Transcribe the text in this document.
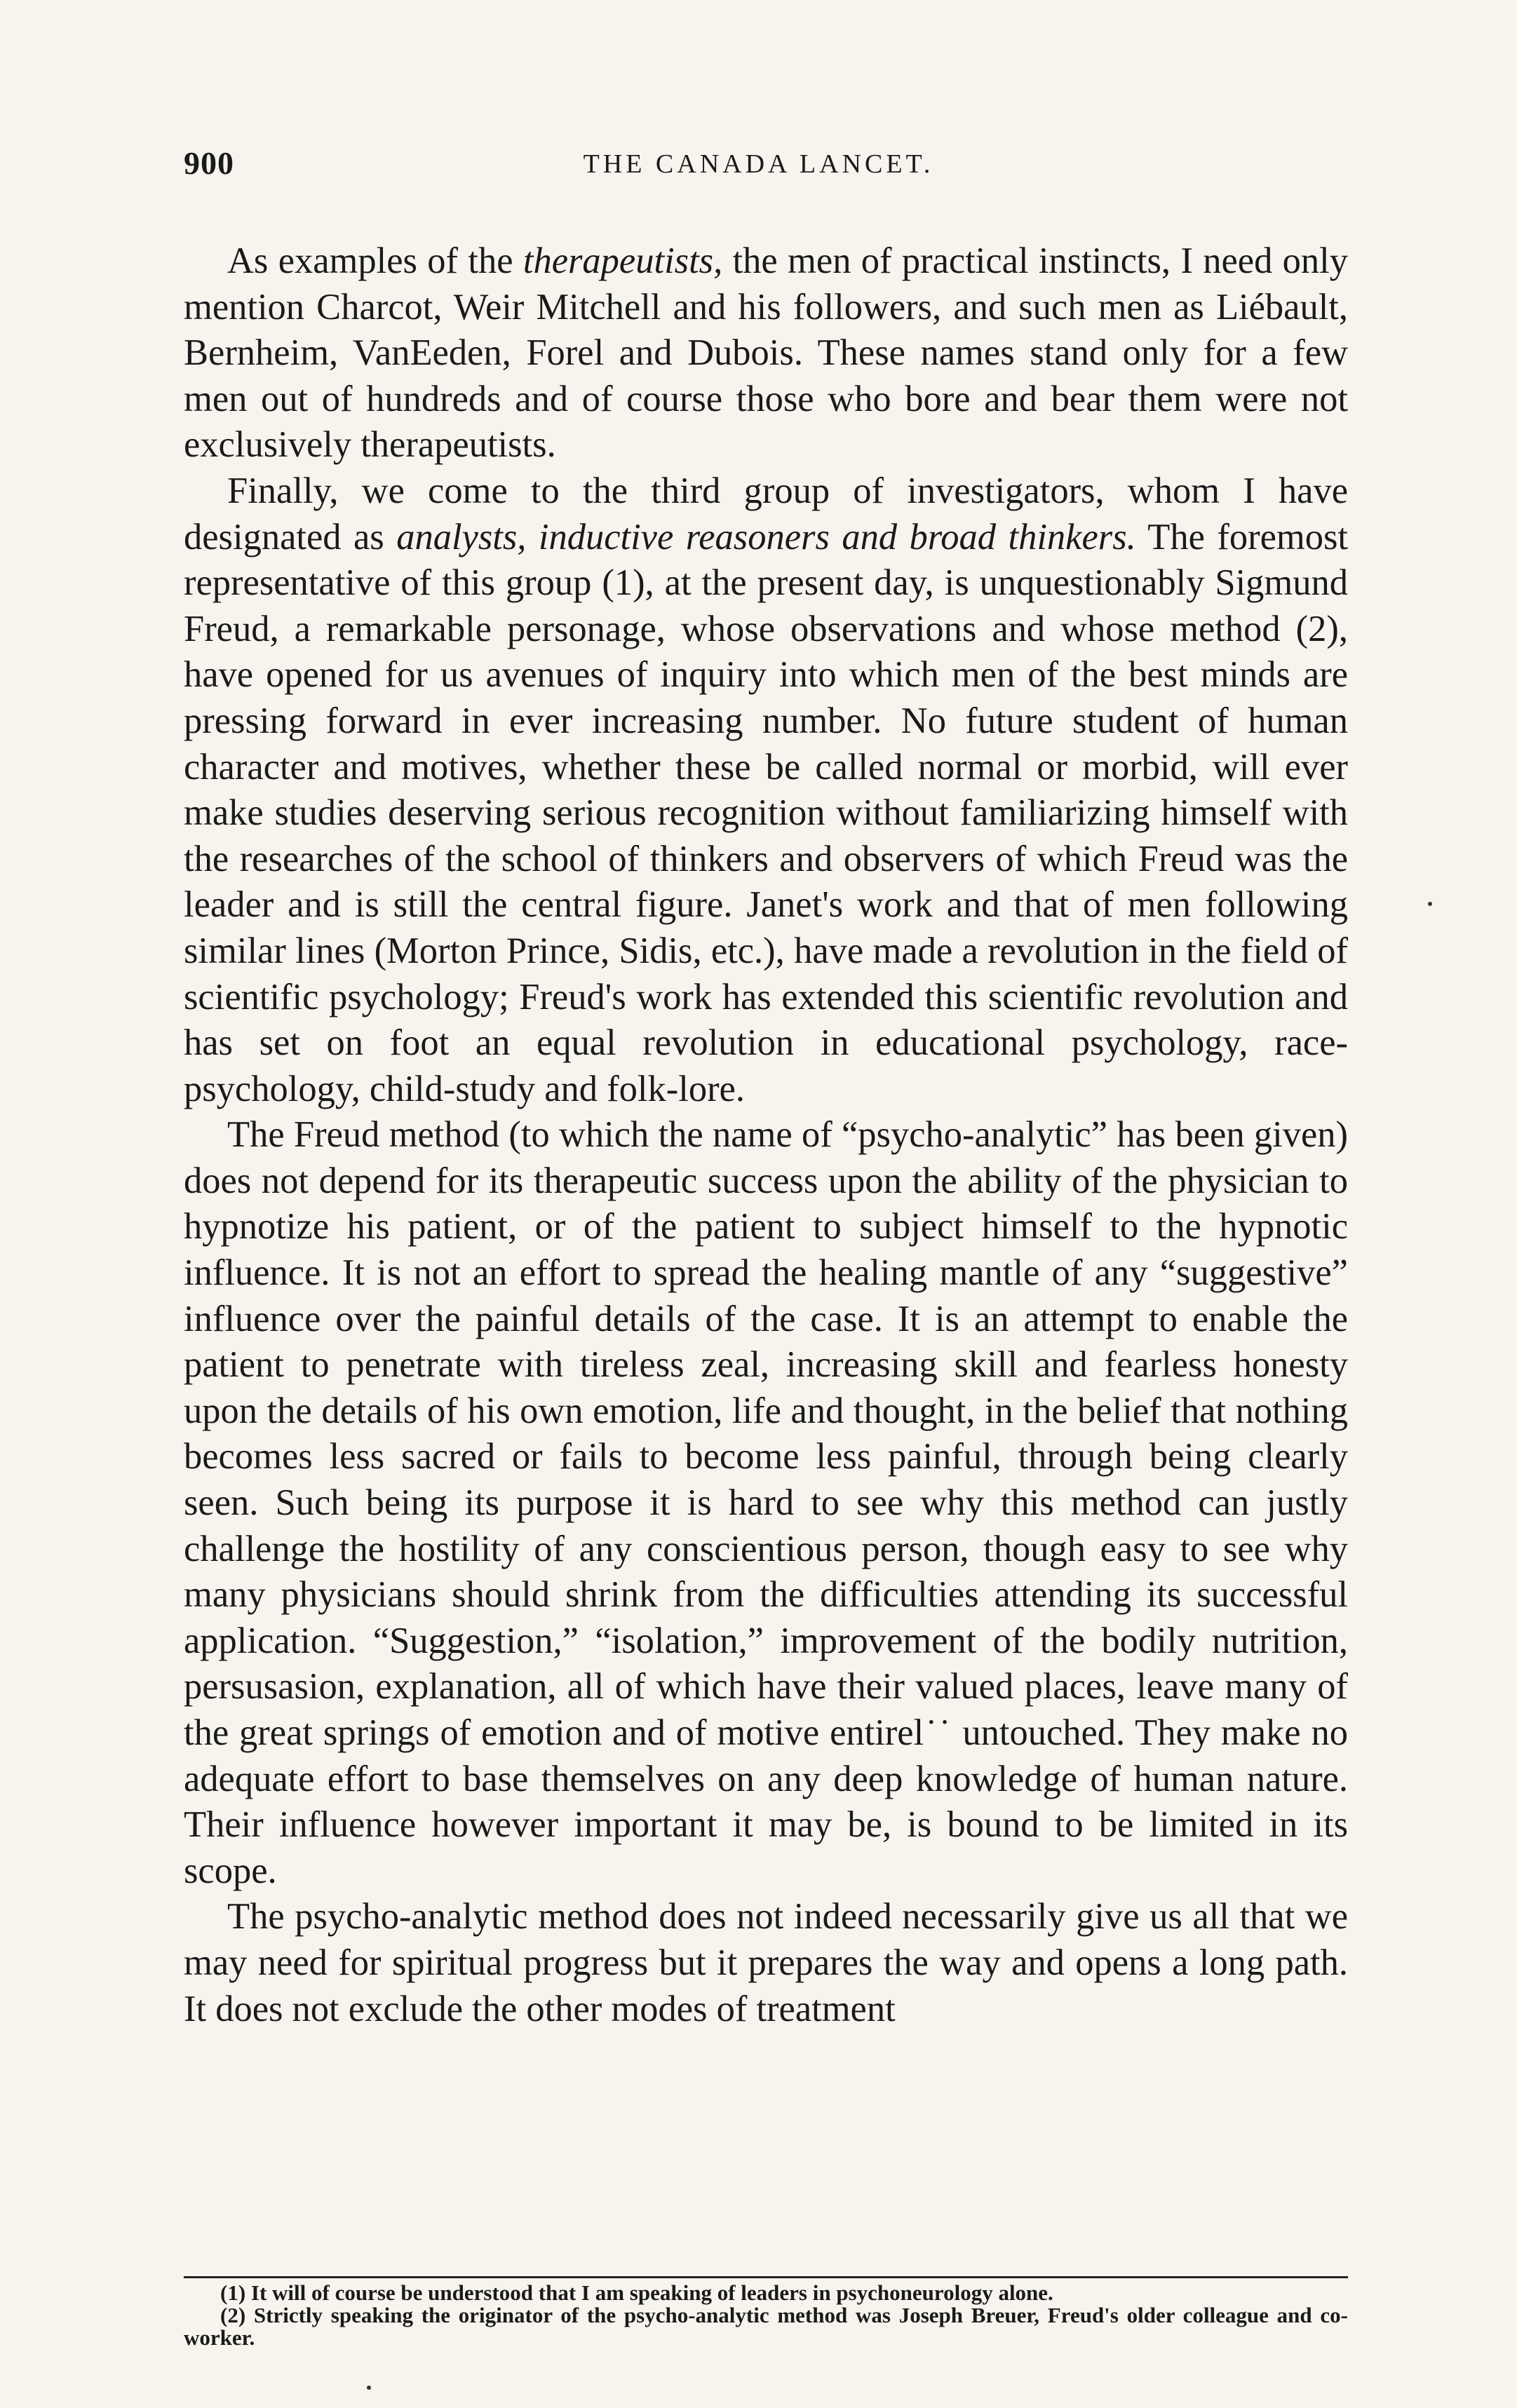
900	THE CANADA LANCET.

As examples of the therapeutists, the men of practical instincts, I need only mention Charcot, Weir Mitchell and his followers, and such men as Liébault, Bernheim, VanEeden, Forel and Dubois. These names stand only for a few men out of hundreds and of course those who bore and bear them were not exclusively therapeutists.

Finally, we come to the third group of investigators, whom I have designated as analysts, inductive reasoners and broad thinkers. The foremost representative of this group (1), at the present day, is unquestionably Sigmund Freud, a remarkable personage, whose observations and whose method (2), have opened for us avenues of inquiry into which men of the best minds are pressing forward in ever increasing number. No future student of human character and motives, whether these be called normal or morbid, will ever make studies deserving serious recognition without familiarizing himself with the researches of the school of thinkers and observers of which Freud was the leader and is still the central figure. Janet's work and that of men following similar lines (Morton Prince, Sidis, etc.), have made a revolution in the field of scientific psychology; Freud's work has extended this scientific revolution and has set on foot an equal revolution in educational psychology, race-psychology, child-study and folk-lore.

The Freud method (to which the name of “psycho-analytic” has been given) does not depend for its therapeutic success upon the ability of the physician to hypnotize his patient, or of the patient to subject himself to the hypnotic influence. It is not an effort to spread the healing mantle of any “suggestive” influence over the painful details of the case. It is an attempt to enable the patient to penetrate with tireless zeal, increasing skill and fearless honesty upon the details of his own emotion, life and thought, in the belief that nothing becomes less sacred or fails to become less painful, through being clearly seen. Such being its purpose it is hard to see why this method can justly challenge the hostility of any conscientious person, though easy to see why many physicians should shrink from the difficulties attending its successful application. “Suggestion,” “isolation,” improvement of the bodily nutrition, persusasion, explanation, all of which have their valued places, leave many of the great springs of emotion and of motive entirel˙˙ untouched. They make no adequate effort to base themselves on any deep knowledge of human nature. Their influence however important it may be, is bound to be limited in its scope.

The psycho-analytic method does not indeed necessarily give us all that we may need for spiritual progress but it prepares the way and opens a long path. It does not exclude the other modes of treatment

(1) It will of course be understood that I am speaking of leaders in psychoneurology alone.

(2) Strictly speaking the originator of the psycho-analytic method was Joseph Breuer, Freud's older colleague and co-worker.
